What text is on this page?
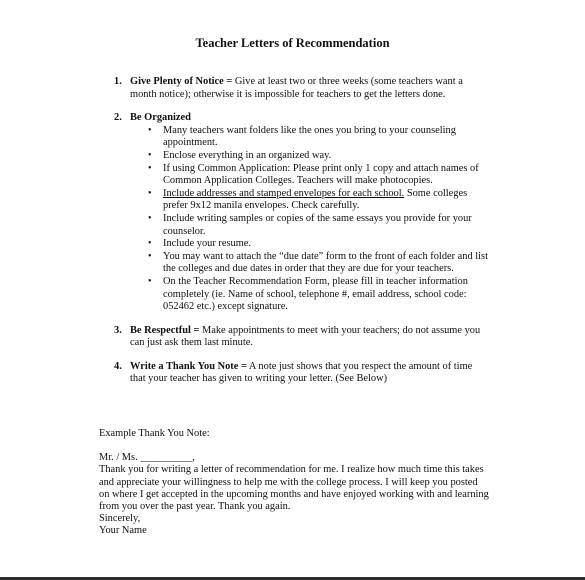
Teacher Letters of Recommendation
1. Give Plenty of Notice = Give at least two or three weeks (some teachers want a month notice); otherwise it is impossible for teachers to get the letters done.
2. Be Organized
• Many teachers want folders like the ones you bring to your counseling appointment.
• Enclose everything in an organized way.
• If using Common Application: Please print only 1 copy and attach names of Common Application Colleges. Teachers will make photocopies.
• Include addresses and stamped envelopes for each school. Some colleges prefer 9x12 manila envelopes. Check carefully.
• Include writing samples or copies of the same essays you provide for your counselor.
• Include your resume.
• You may want to attach the “due date” form to the front of each folder and list the colleges and due dates in order that they are due for your teachers.
• On the Teacher Recommendation Form, please fill in teacher information completely (ie. Name of school, telephone #, email address, school code: 052462 etc.) except signature.
3. Be Respectful = Make appointments to meet with your teachers; do not assume you can just ask them last minute.
4. Write a Thank You Note = A note just shows that you respect the amount of time that your teacher has given to writing your letter. (See Below)

Example Thank You Note:

Mr. / Ms. __________,

Thank you for writing a letter of recommendation for me. I realize how much time this takes and appreciate your willingness to help me with the college process. I will keep you posted on where I get accepted in the upcoming months and have enjoyed working with and learning from you over the past year. Thank you again.

Sincerely,

Your Name
